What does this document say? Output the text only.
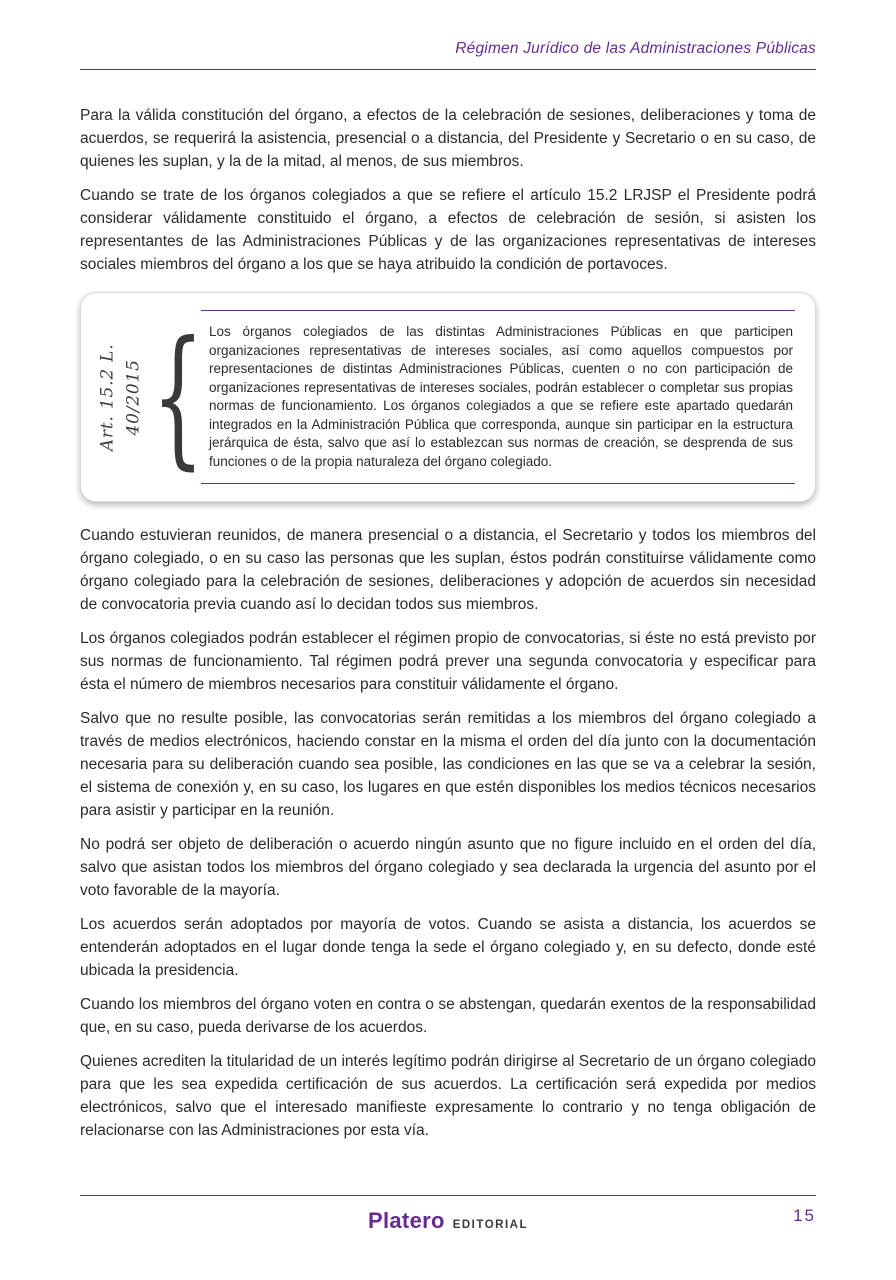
Régimen Jurídico de las Administraciones Públicas

Para la válida constitución del órgano, a efectos de la celebración de sesiones, deliberaciones y toma de acuerdos, se requerirá la asistencia, presencial o a distancia, del Presidente y Secretario o en su caso, de quienes les suplan, y la de la mitad, al menos, de sus miembros.

Cuando se trate de los órganos colegiados a que se refiere el artículo 15.2 LRJSP el Presidente podrá considerar válidamente constituido el órgano, a efectos de celebración de sesión, si asisten los representantes de las Administraciones Públicas y de las organizaciones representativas de intereses sociales miembros del órgano a los que se haya atribuido la condición de portavoces.

Art. 15.2 L. 40/2015 { Los órganos colegiados de las distintas Administraciones Públicas en que participen organizaciones representativas de intereses sociales, así como aquellos compuestos por representaciones de distintas Administraciones Públicas, cuenten o no con participación de organizaciones representativas de intereses sociales, podrán establecer o completar sus propias normas de funcionamiento. Los órganos colegiados a que se refiere este apartado quedarán integrados en la Administración Pública que corresponda, aunque sin participar en la estructura jerárquica de ésta, salvo que así lo establezcan sus normas de creación, se desprenda de sus funciones o de la propia naturaleza del órgano colegiado.

Cuando estuvieran reunidos, de manera presencial o a distancia, el Secretario y todos los miembros del órgano colegiado, o en su caso las personas que les suplan, éstos podrán constituirse válidamente como órgano colegiado para la celebración de sesiones, deliberaciones y adopción de acuerdos sin necesidad de convocatoria previa cuando así lo decidan todos sus miembros.

Los órganos colegiados podrán establecer el régimen propio de convocatorias, si éste no está previsto por sus normas de funcionamiento. Tal régimen podrá prever una segunda convocatoria y especificar para ésta el número de miembros necesarios para constituir válidamente el órgano.

Salvo que no resulte posible, las convocatorias serán remitidas a los miembros del órgano colegiado a través de medios electrónicos, haciendo constar en la misma el orden del día junto con la documentación necesaria para su deliberación cuando sea posible, las condiciones en las que se va a celebrar la sesión, el sistema de conexión y, en su caso, los lugares en que estén disponibles los medios técnicos necesarios para asistir y participar en la reunión.

No podrá ser objeto de deliberación o acuerdo ningún asunto que no figure incluido en el orden del día, salvo que asistan todos los miembros del órgano colegiado y sea declarada la urgencia del asunto por el voto favorable de la mayoría.

Los acuerdos serán adoptados por mayoría de votos. Cuando se asista a distancia, los acuerdos se entenderán adoptados en el lugar donde tenga la sede el órgano colegiado y, en su defecto, donde esté ubicada la presidencia.

Cuando los miembros del órgano voten en contra o se abstengan, quedarán exentos de la responsabilidad que, en su caso, pueda derivarse de los acuerdos.

Quienes acrediten la titularidad de un interés legítimo podrán dirigirse al Secretario de un órgano colegiado para que les sea expedida certificación de sus acuerdos. La certificación será expedida por medios electrónicos, salvo que el interesado manifieste expresamente lo contrario y no tenga obligación de relacionarse con las Administraciones por esta vía.

Platero EDITORIAL	15
